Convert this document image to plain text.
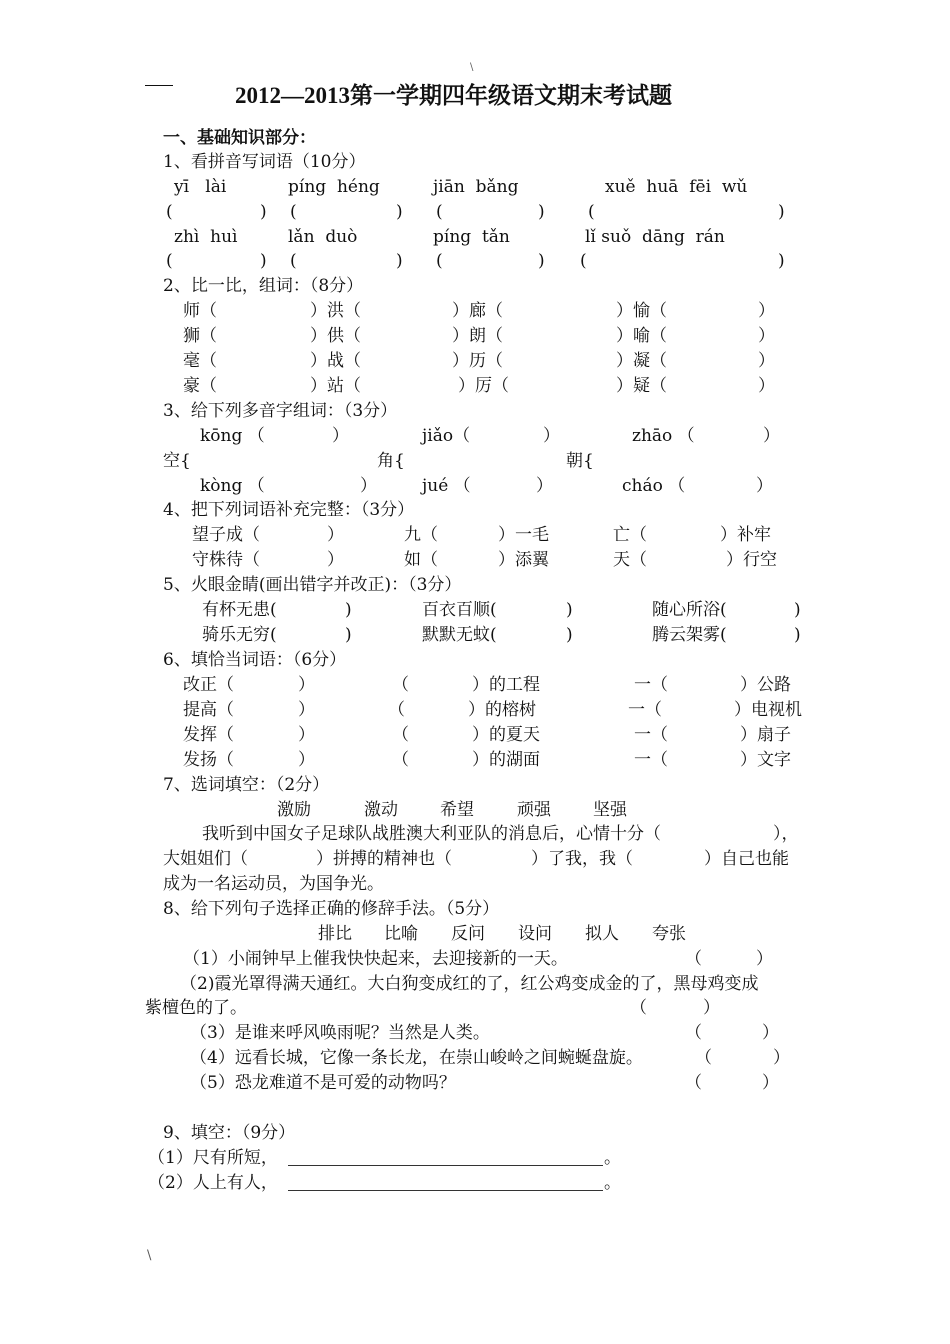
\
\
2012—2013第一学期四年级语文期末考试题
一、基础知识部分：
1、看拼音写词语（10分）
yī   lài	píng  héng	jiān  bǎng	xuě  huā  fēi  wǔ
(	) (	) (	)	(	)
zhì  huì	lǎn  duò	píng  tǎn	lǐ suǒ  dāng  rán
(	) (	) (	) (	)
2、比一比，组词：（8分）
师（	）洪（	）廊（	）愉（	）
狮（	）供（	）朗（	）喻（	）
毫（	）战（	）历（	）凝（	）
豪（	）站（	）厉（	）疑（	）
3、给下列多音字组词：（3分）
kōng （	）	jiǎo（	）	zhāo （	）
空{	角{	朝{
kòng （	）	jué （	）	cháo （	）
4、把下列词语补充完整：（3分）
望子成（	）	九（	）一毛	亡（	）补牢
守株待（	）	如（	）添翼	天（	）行空
5、火眼金睛(画出错字并改正)：（3分）
有杯无患(	)	百衣百顺(	)	随心所浴(	)
骑乐无穷(	)	默默无蚊(	)	腾云架雾(	)
6、填恰当词语：（6分）
改正（	）	（	）的工程	一（	）公路
提高（	）	（	）的榕树	一（	）电视机
发挥（	）	（	）的夏天	一（	）扇子
发扬（	）	（	）的湖面	一（	）文字
7、选词填空：（2分）
激励	激动 希望	顽强 坚强
我听到中国女子足球队战胜澳大利亚队的消息后，心情十分（	），
大姐姐们（	）拼搏的精神也（	）了我，我（	）自己也能
成为一名运动员，为国争光。
8、给下列句子选择正确的修辞手法。（5分）
排比 比喻 反问 设问 拟人 夸张
（1）小闹钟早上催我快快起来，去迎接新的一天。	（	）
（2)霞光罩得满天通红。大白狗变成红的了，红公鸡变成金的了，黑母鸡变成
紫檀色的了。	（	）
（3）是谁来呼风唤雨呢？当然是人类。	（	）
（4）远看长城，它像一条长龙，在崇山峻岭之间蜿蜒盘旋。	（	）
（5）恐龙难道不是可爱的动物吗？	（	）
9、填空：（9分）
（1）尺有所短，	。
（2）人上有人，	。
